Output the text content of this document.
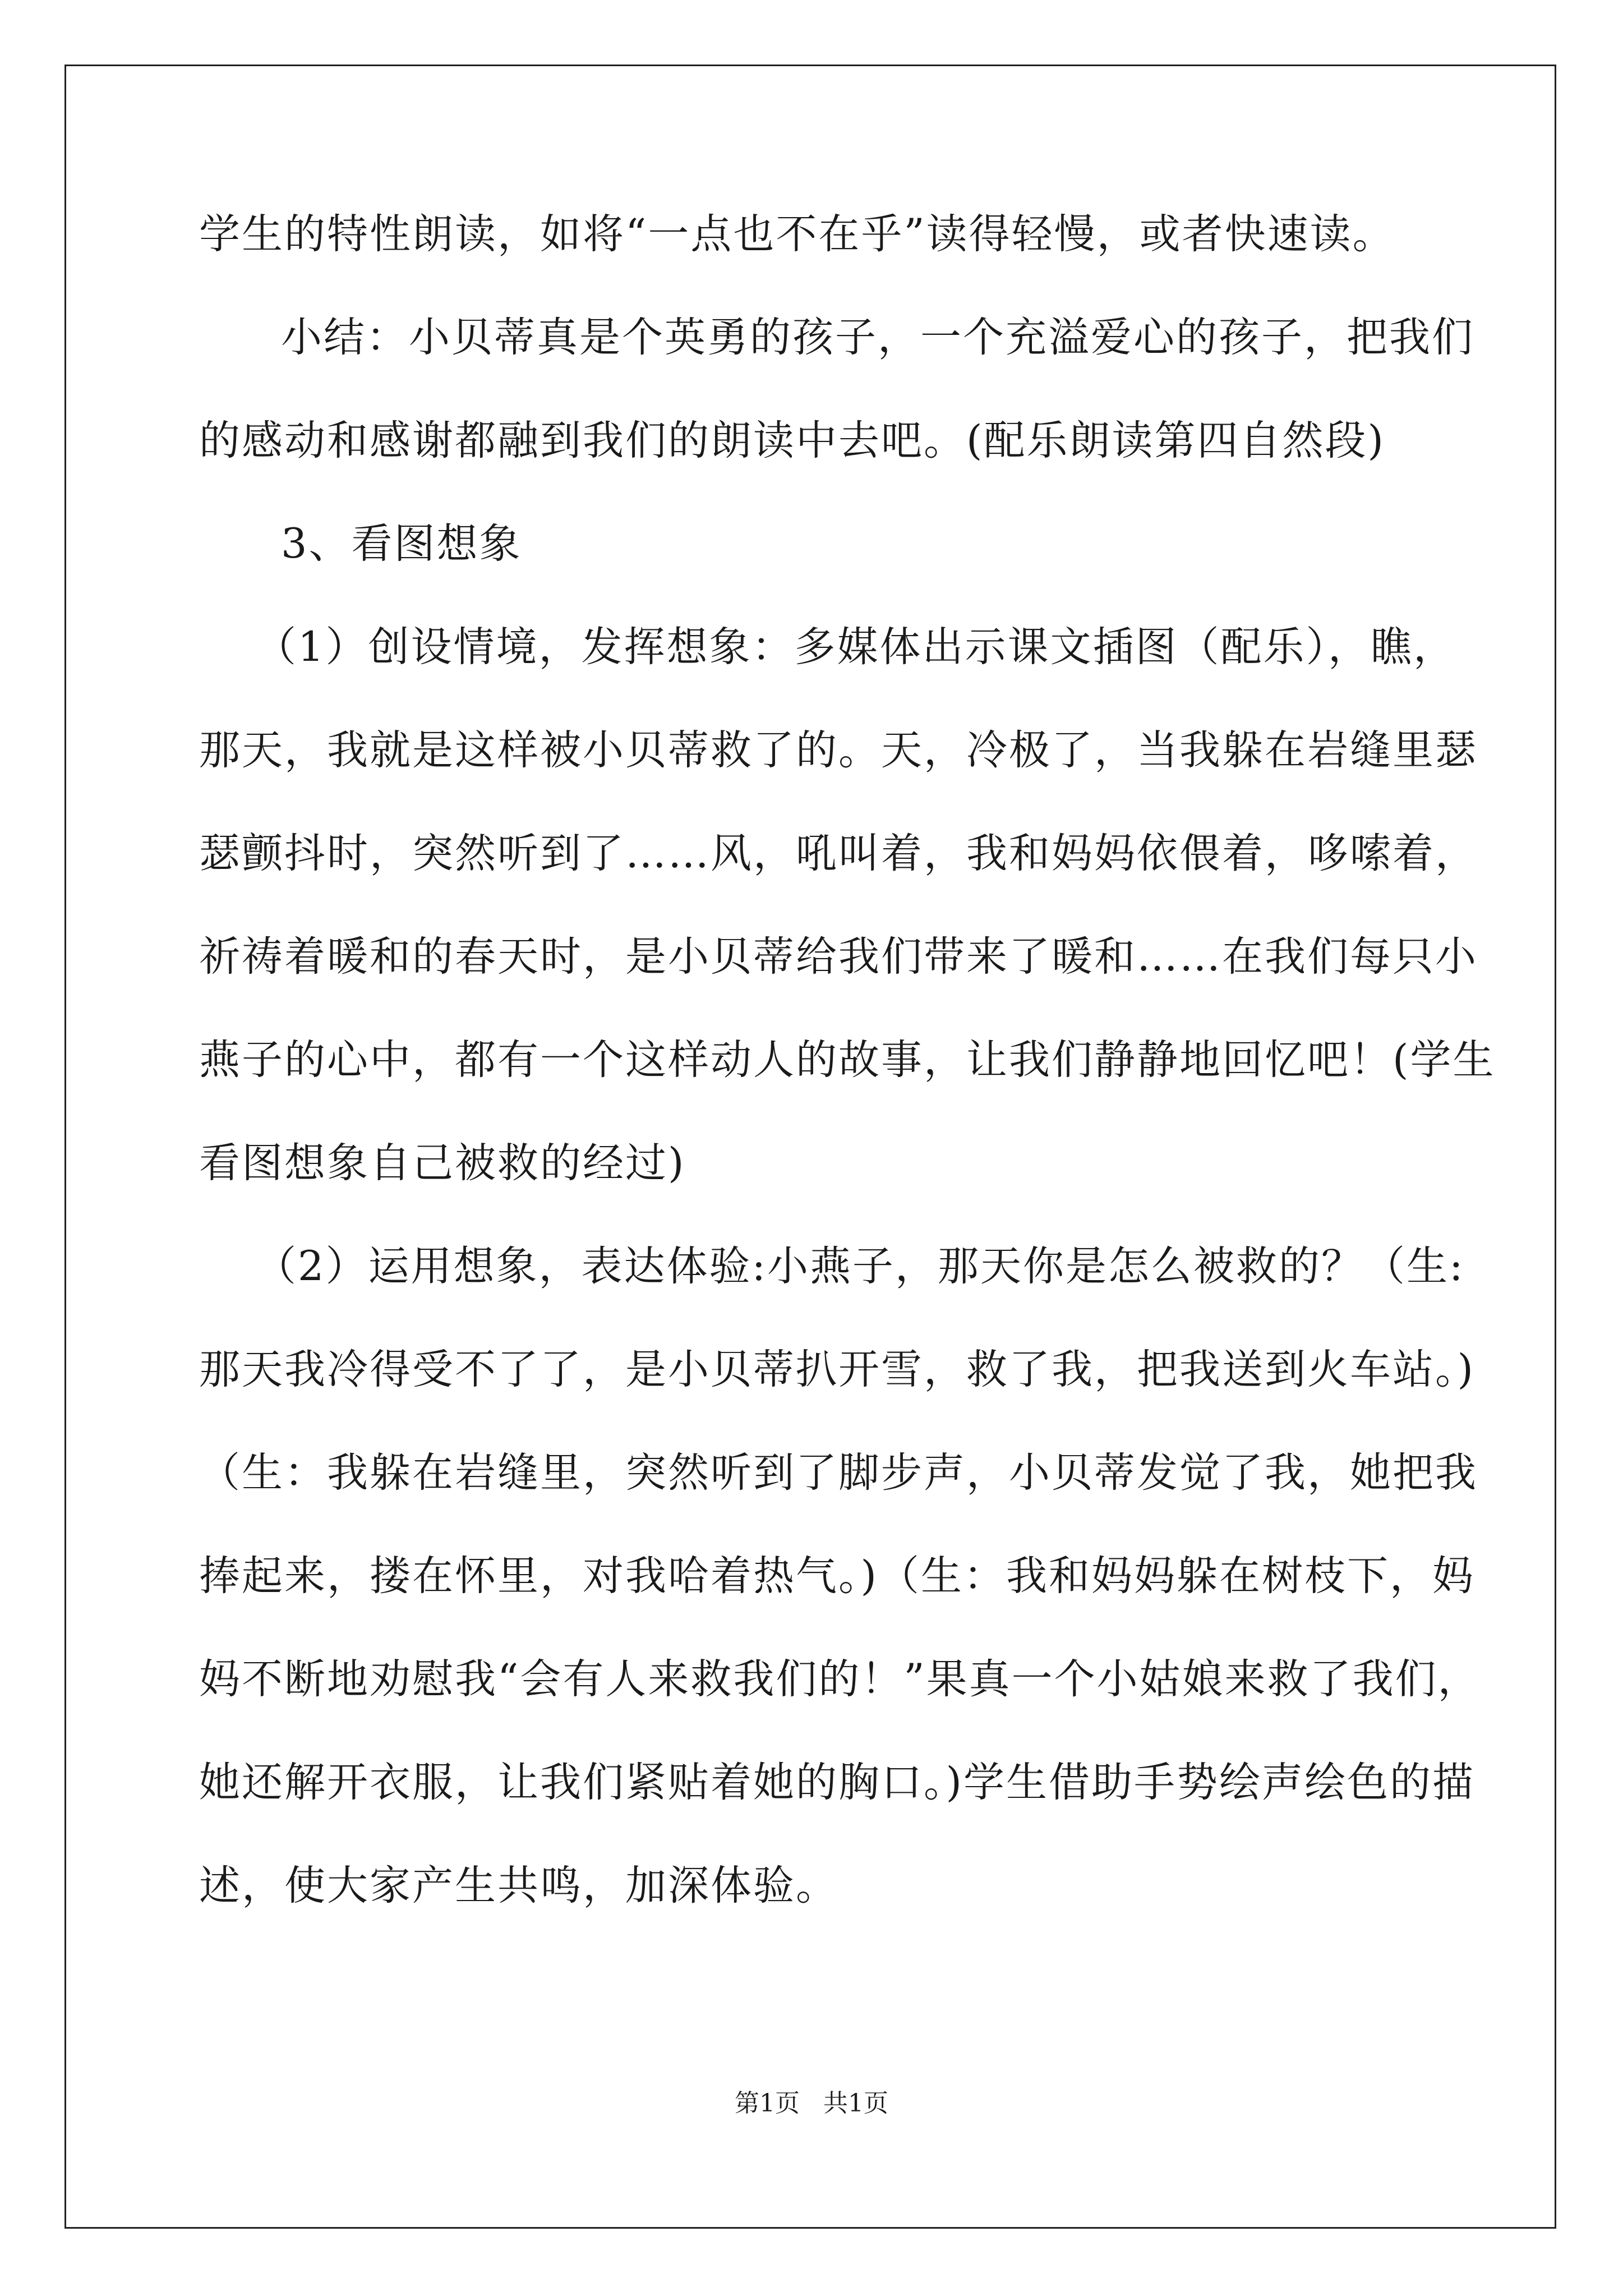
学生的特性朗读，如将“一点也不在乎”读得轻慢，或者快速读。
小结：小贝蒂真是个英勇的孩子，一个充溢爱心的孩子，把我们
的感动和感谢都融到我们的朗读中去吧。(配乐朗读第四自然段)
3、看图想象
（1）创设情境，发挥想象：多媒体出示课文插图（配乐），瞧，
那天，我就是这样被小贝蒂救了的。天，冷极了，当我躲在岩缝里瑟
瑟颤抖时，突然听到了……风，吼叫着，我和妈妈依偎着，哆嗦着，
祈祷着暖和的春天时，是小贝蒂给我们带来了暖和……在我们每只小
燕子的心中，都有一个这样动人的故事，让我们静静地回忆吧！(学生
看图想象自己被救的经过)
（2）运用想象，表达体验:小燕子，那天你是怎么被救的？（生:
那天我冷得受不了了，是小贝蒂扒开雪，救了我，把我送到火车站。)
（生：我躲在岩缝里，突然听到了脚步声，小贝蒂发觉了我，她把我
捧起来，搂在怀里，对我哈着热气。)（生：我和妈妈躲在树枝下，妈
妈不断地劝慰我“会有人来救我们的！”果真一个小姑娘来救了我们，
她还解开衣服，让我们紧贴着她的胸口。)学生借助手势绘声绘色的描
述，使大家产生共鸣，加深体验。
第1页 共1页
